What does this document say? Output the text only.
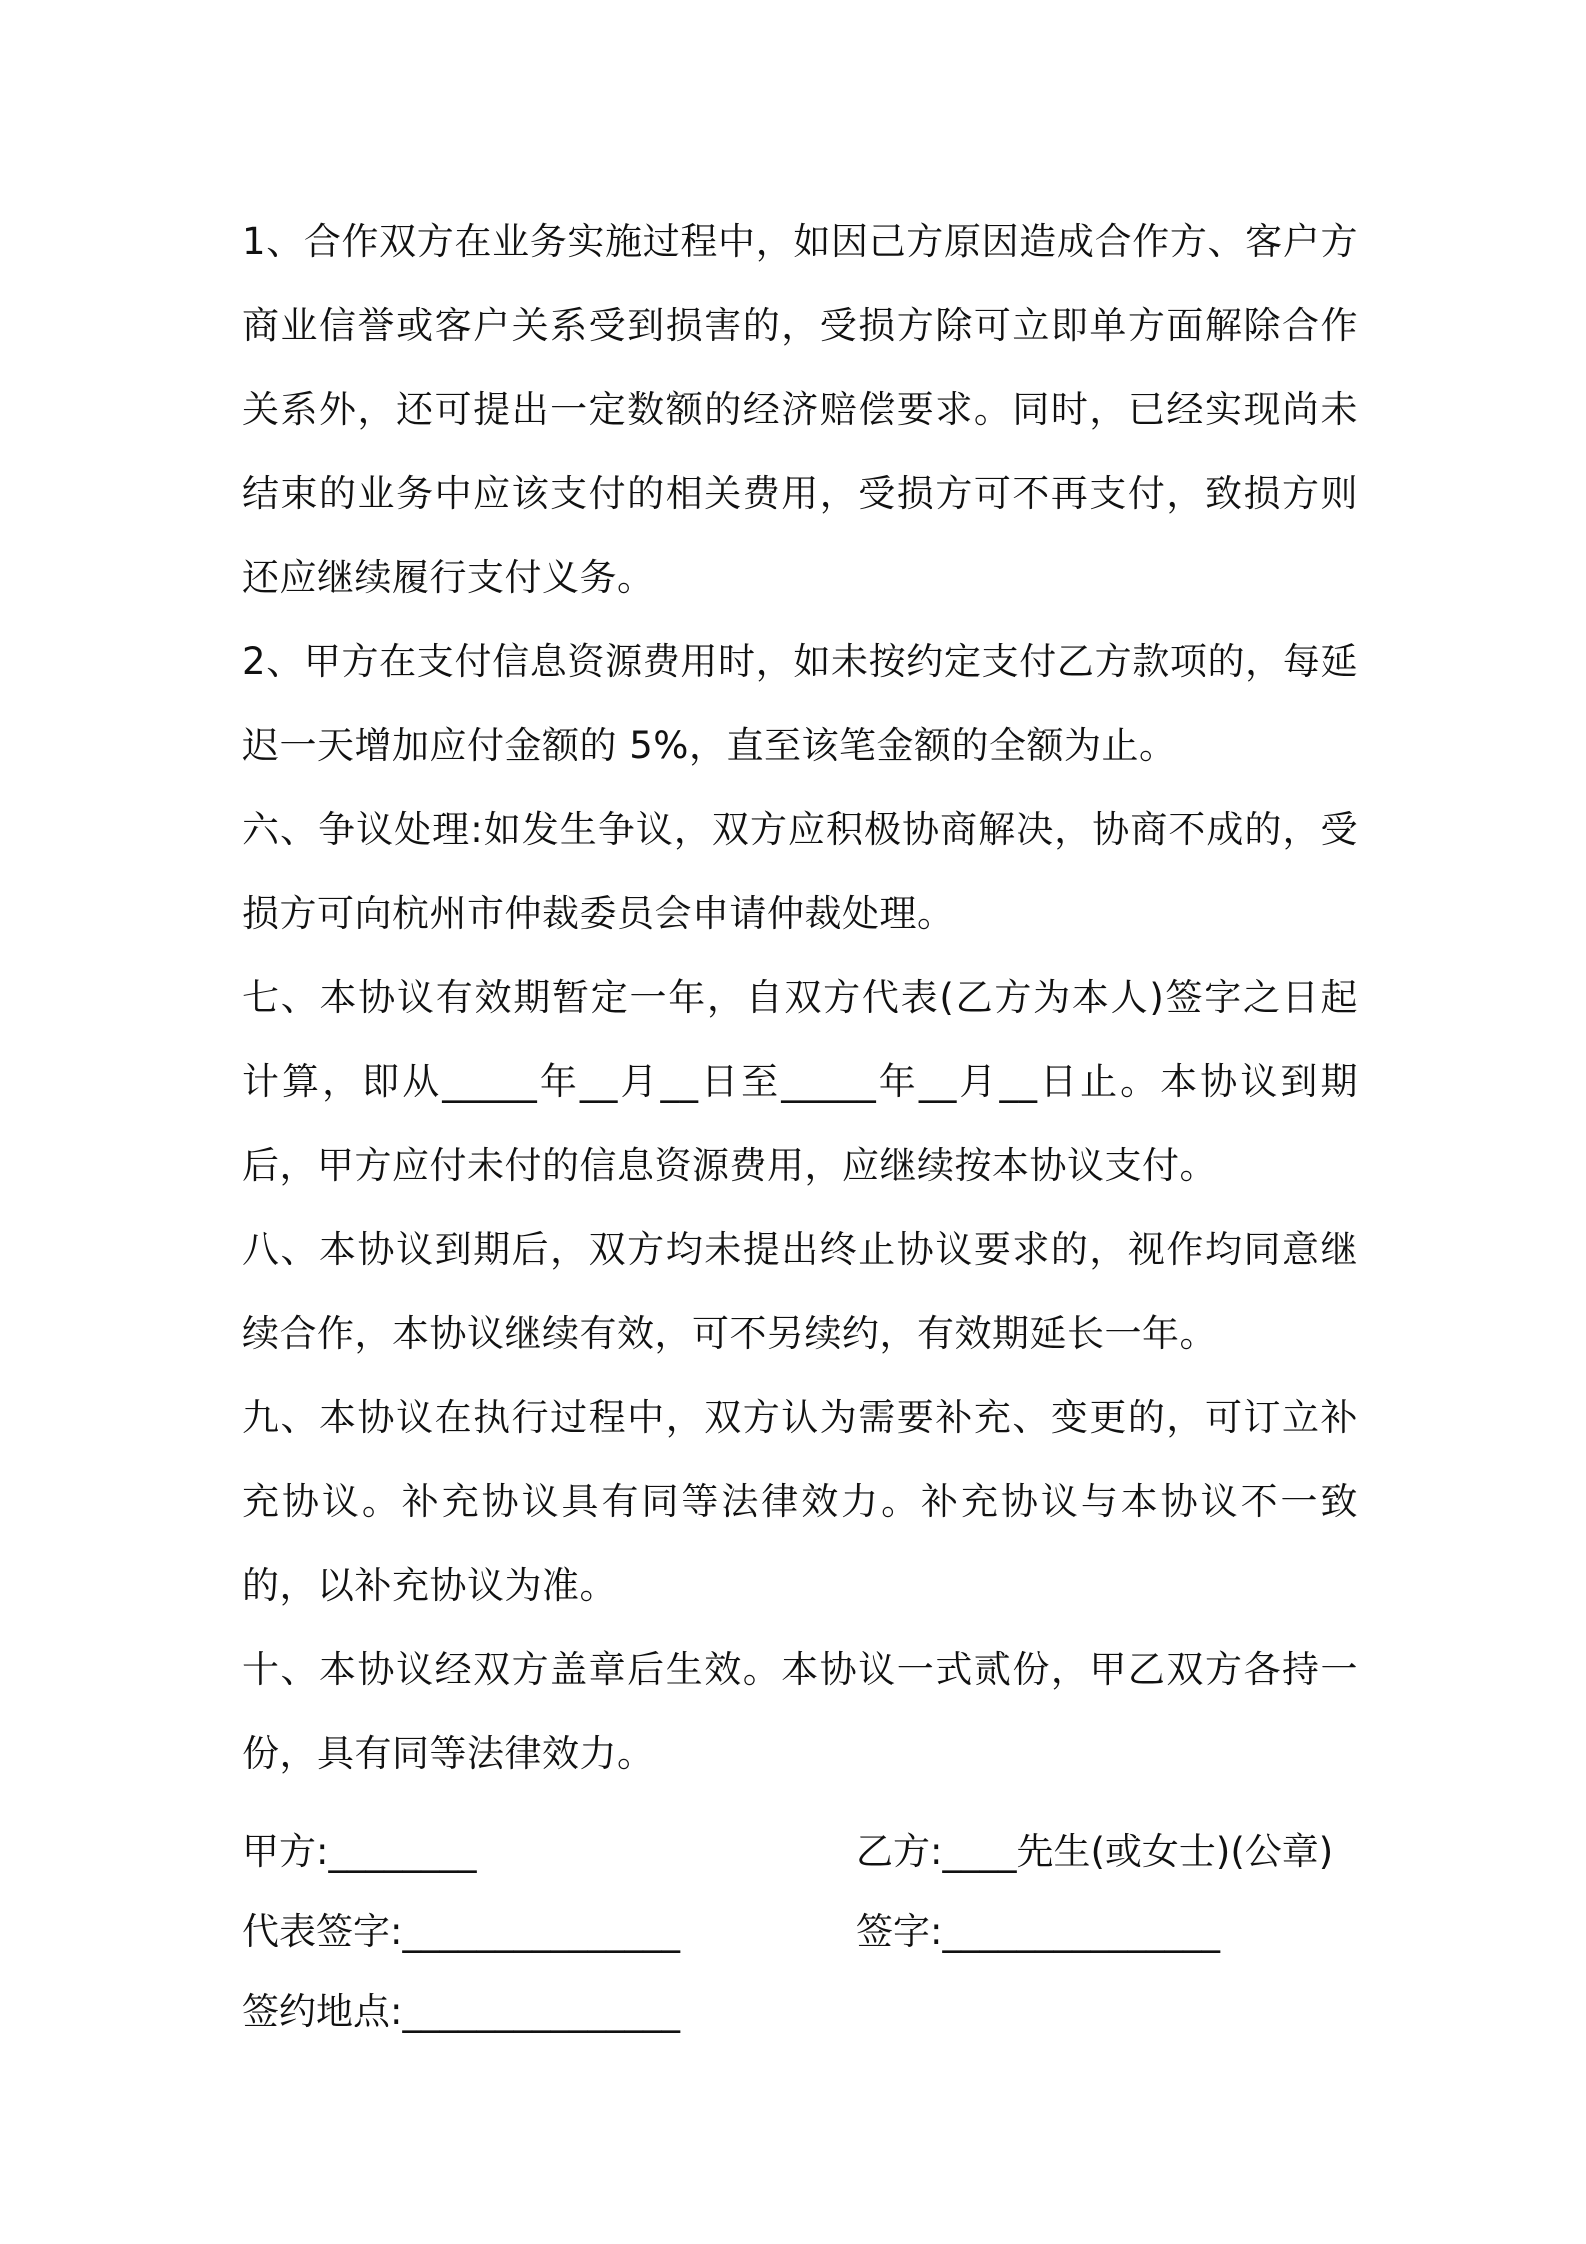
1、合作双方在业务实施过程中，如因己方原因造成合作方、客户方商业信誉或客户关系受到损害的，受损方除可立即单方面解除合作关系外，还可提出一定数额的经济赔偿要求。同时，已经实现尚未结束的业务中应该支付的相关费用，受损方可不再支付，致损方则还应继续履行支付义务。

2、甲方在支付信息资源费用时，如未按约定支付乙方款项的，每延迟一天增加应付金额的 5%，直至该笔金额的全额为止。

六、争议处理:如发生争议，双方应积极协商解决，协商不成的，受损方可向杭州市仲裁委员会申请仲裁处理。

七、本协议有效期暂定一年，自双方代表(乙方为本人)签字之日起计算，即从_____年__月__日至_____年__月__日止。本协议到期后，甲方应付未付的信息资源费用，应继续按本协议支付。

八、本协议到期后，双方均未提出终止协议要求的，视作均同意继续合作，本协议继续有效，可不另续约，有效期延长一年。

九、本协议在执行过程中，双方认为需要补充、变更的，可订立补充协议。补充协议具有同等法律效力。补充协议与本协议不一致的，以补充协议为准。

十、本协议经双方盖章后生效。本协议一式贰份，甲乙双方各持一份，具有同等法律效力。

甲方:________	乙方:____先生(或女士)(公章)
代表签字:_______________	签字:_______________
签约地点:_______________
